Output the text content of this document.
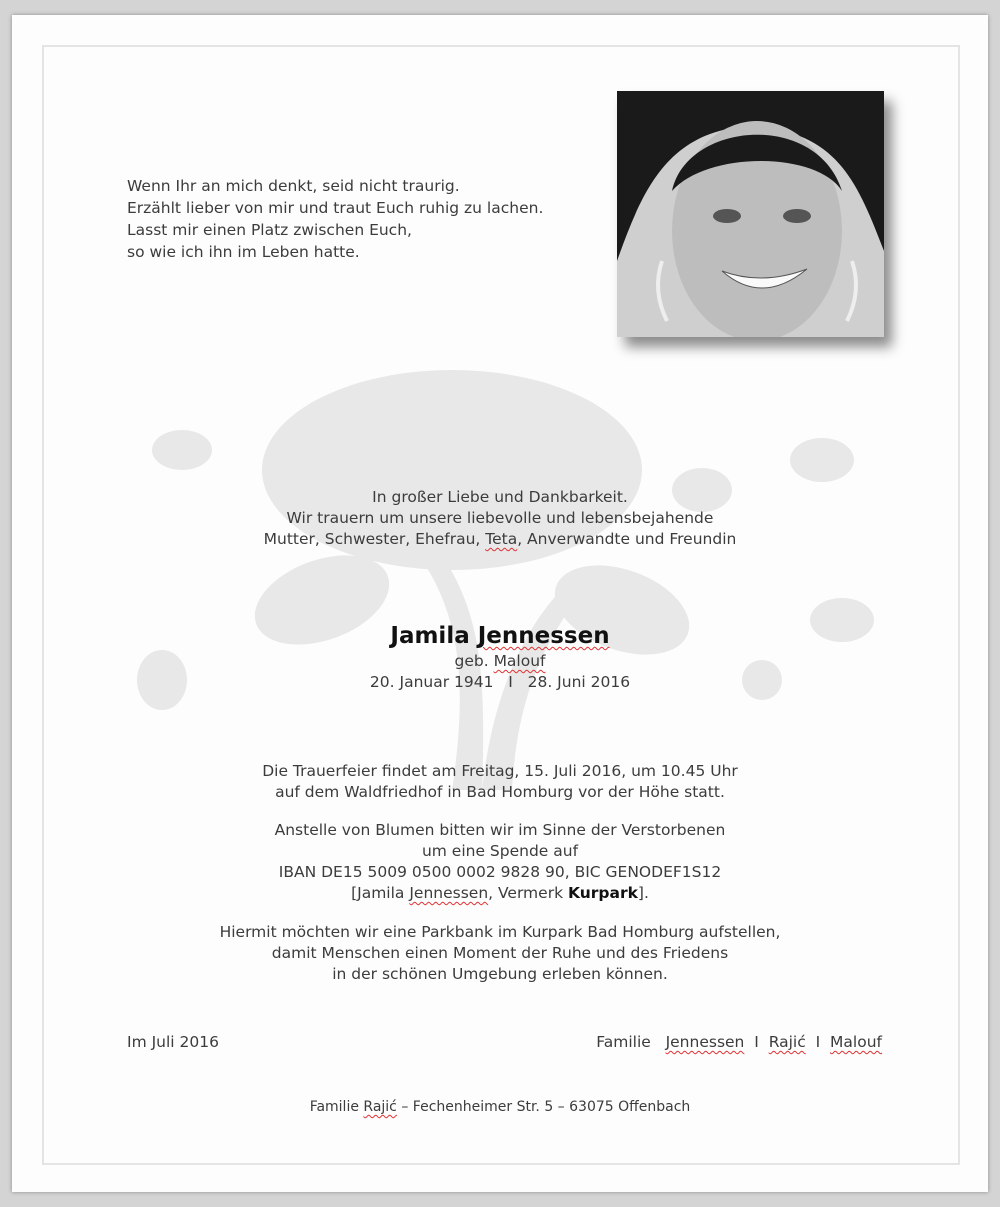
Wenn Ihr an mich denkt, seid nicht traurig.

Erzählt lieber von mir und traut Euch ruhig zu lachen.

Lasst mir einen Platz zwischen Euch,

so wie ich ihn im Leben hatte.

In großer Liebe und Dankbarkeit.

Wir trauern um unsere liebevolle und lebensbejahende

Mutter, Schwester, Ehefrau, Teta, Anverwandte und Freundin

Jamila Jennessen

geb. Malouf

20. Januar 1941   I   28. Juni 2016

Die Trauerfeier findet am Freitag, 15. Juli 2016, um 10.45 Uhr

auf dem Waldfriedhof in Bad Homburg vor der Höhe statt.

Anstelle von Blumen bitten wir im Sinne der Verstorbenen

um eine Spende auf

IBAN DE15 5009 0500 0002 9828 90, BIC GENODEF1S12

[Jamila Jennessen, Vermerk Kurpark].

Hiermit möchten wir eine Parkbank im Kurpark Bad Homburg aufstellen,

damit Menschen einen Moment der Ruhe und des Friedens

in der schönen Umgebung erleben können.

Im Juli 2016	Familie Jennessen I Rajić I Malouf
Familie Rajić – Fechenheimer Str. 5 – 63075 Offenbach
